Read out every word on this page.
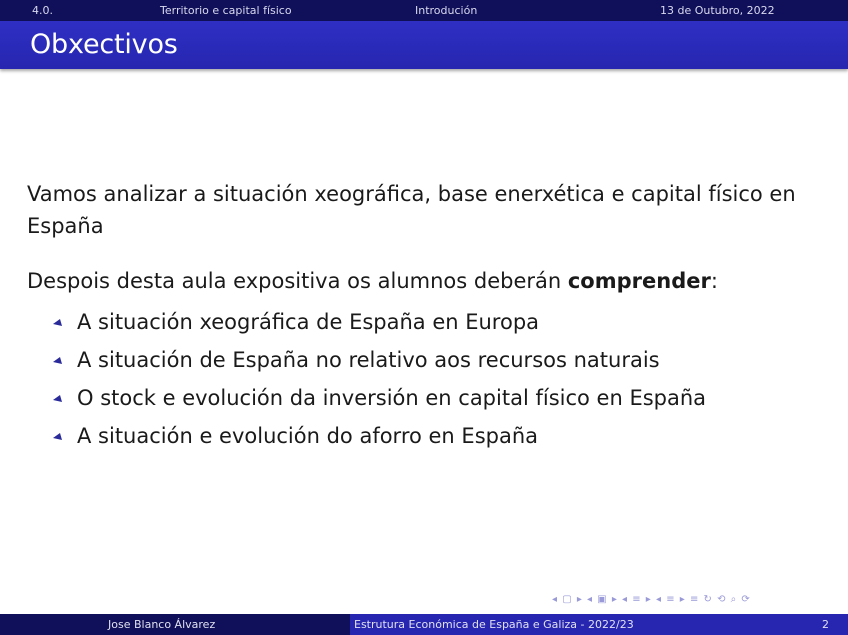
4.0.	Territorio e capital físico	Introdución	13 de Outubro, 2022
Obxectivos

Vamos analizar a situación xeográfica, base enerxética e capital físico en España

Despois desta aula expositiva os alumnos deberán comprender:

A situación xeográfica de España en Europa
A situación de España no relativo aos recursos naturais
O stock e evolución da inversión en capital físico en España
A situación e evolución do aforro en España
◂ ▢ ▸ ◂ ▣ ▸ ◂ ≡ ▸ ◂ ≡ ▸ ≡ ↻ ⟲ ⌕ ⟳
Jose Blanco Álvarez	Estrutura Económica de España e Galiza - 2022/23	2
